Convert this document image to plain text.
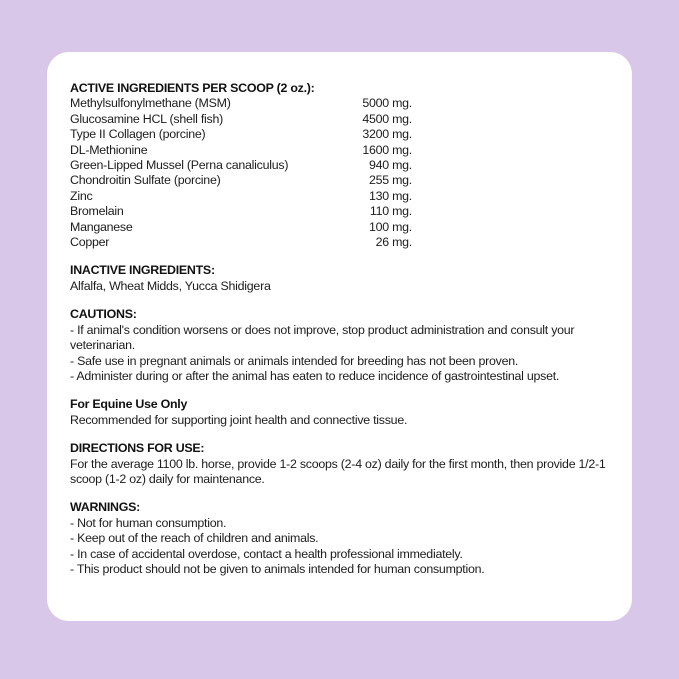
ACTIVE INGREDIENTS PER SCOOP (2 oz.):
Methylsulfonylmethane (MSM)	5000 mg.
Glucosamine HCL (shell fish)	4500 mg.
Type II Collagen (porcine)	3200 mg.
DL-Methionine	1600 mg.
Green-Lipped Mussel (Perna canaliculus)	940 mg.
Chondroitin Sulfate (porcine)	255 mg.
Zinc	130 mg.
Bromelain	110 mg.
Manganese	100 mg.
Copper	26 mg.
INACTIVE INGREDIENTS:
Alfalfa, Wheat Midds, Yucca Shidigera
CAUTIONS:
- If animal's condition worsens or does not improve, stop product administration and consult your veterinarian.
- Safe use in pregnant animals or animals intended for breeding has not been proven.
- Administer during or after the animal has eaten to reduce incidence of gastrointestinal upset.
For Equine Use Only
Recommended for supporting joint health and connective tissue.
DIRECTIONS FOR USE:
For the average 1100 lb. horse, provide 1-2 scoops (2-4 oz) daily for the first month, then provide 1/2-1 scoop (1-2 oz) daily for maintenance.
WARNINGS:
- Not for human consumption.
- Keep out of the reach of children and animals.
- In case of accidental overdose, contact a health professional immediately.
- This product should not be given to animals intended for human consumption.
